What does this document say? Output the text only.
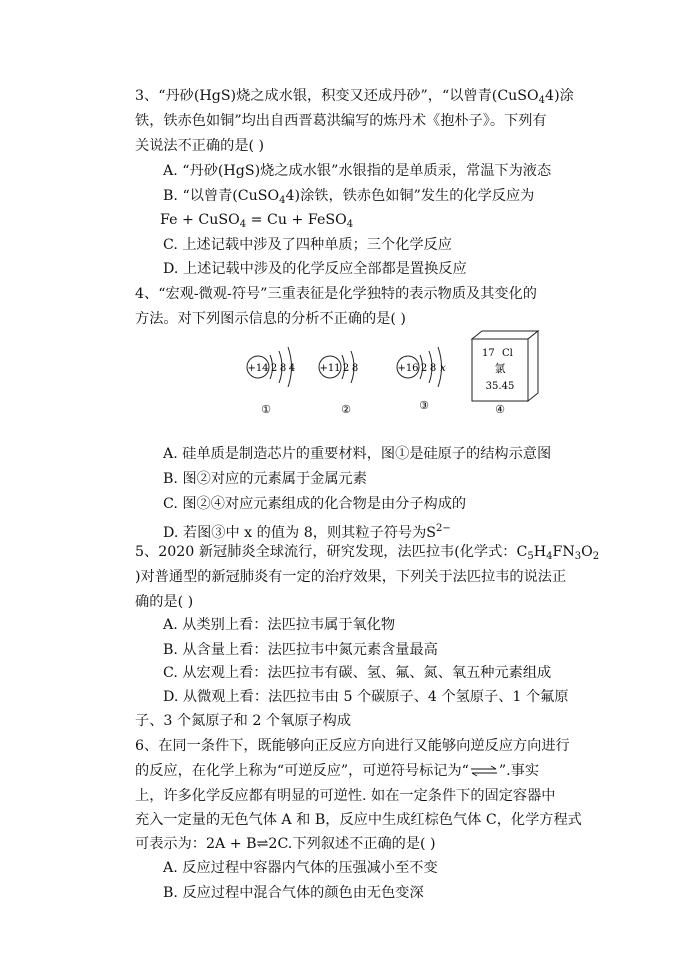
3、“丹砂(HgS)烧之成水银，积变又还成丹砂”，“以曾青(CuSO$_4$4)涂
铁，铁赤色如铜”均出自西晋葛洪编写的炼丹术《抱朴子》。下列有
关说法不正确的是( )
A. “丹砂(HgS)烧之成水银”水银指的是单质汞，常温下为液态
B. “以曾青(CuSO$_4$4)涂铁，铁赤色如铜”发生的化学反应为
Fe + CuSO$_4$ = Cu + FeSO$_4$
C. 上述记载中涉及了四种单质；三个化学反应
D. 上述记载中涉及的化学反应全部都是置换反应
4、“宏观-微观-符号”三重表征是化学独特的表示物质及其变化的
方法。对下列图示信息的分析不正确的是( )
+14 2 8 4
①
+11 2 8
②
+16 2 8 x
③
17 Cl
氯
35.45
④
A. 硅单质是制造芯片的重要材料，图①是硅原子的结构示意图
B. 图②对应的元素属于金属元素
C. 图②④对应元素组成的化合物是由分子构成的
D. 若图③中 x 的值为 8，则其粒子符号为$S^{2-}$
5、2020 新冠肺炎全球流行，研究发现，法匹拉韦(化学式：$C_5H_4FN_3O_2$
)对普通型的新冠肺炎有一定的治疗效果，下列关于法匹拉韦的说法正
确的是( )
A. 从类别上看：法匹拉韦属于氧化物
B. 从含量上看：法匹拉韦中氮元素含量最高
C. 从宏观上看：法匹拉韦有碳、氢、氟、氮、氧五种元素组成
D. 从微观上看：法匹拉韦由 5 个碳原子、4 个氢原子、1 个氟原
子、3 个氮原子和 2 个氧原子构成
6、在同一条件下，既能够向正反应方向进行又能够向逆反应方向进行
的反应，在化学上称为“可逆反应”，可逆符号标记为“⇌”.事实
上，许多化学反应都有明显的可逆性. 如在一定条件下的固定容器中
充入一定量的无色气体 A 和 B，反应中生成红棕色气体 C，化学方程式
可表示为：2A + B⇌2C.下列叙述不正确的是( )
A. 反应过程中容器内气体的压强减小至不变
B. 反应过程中混合气体的颜色由无色变深
